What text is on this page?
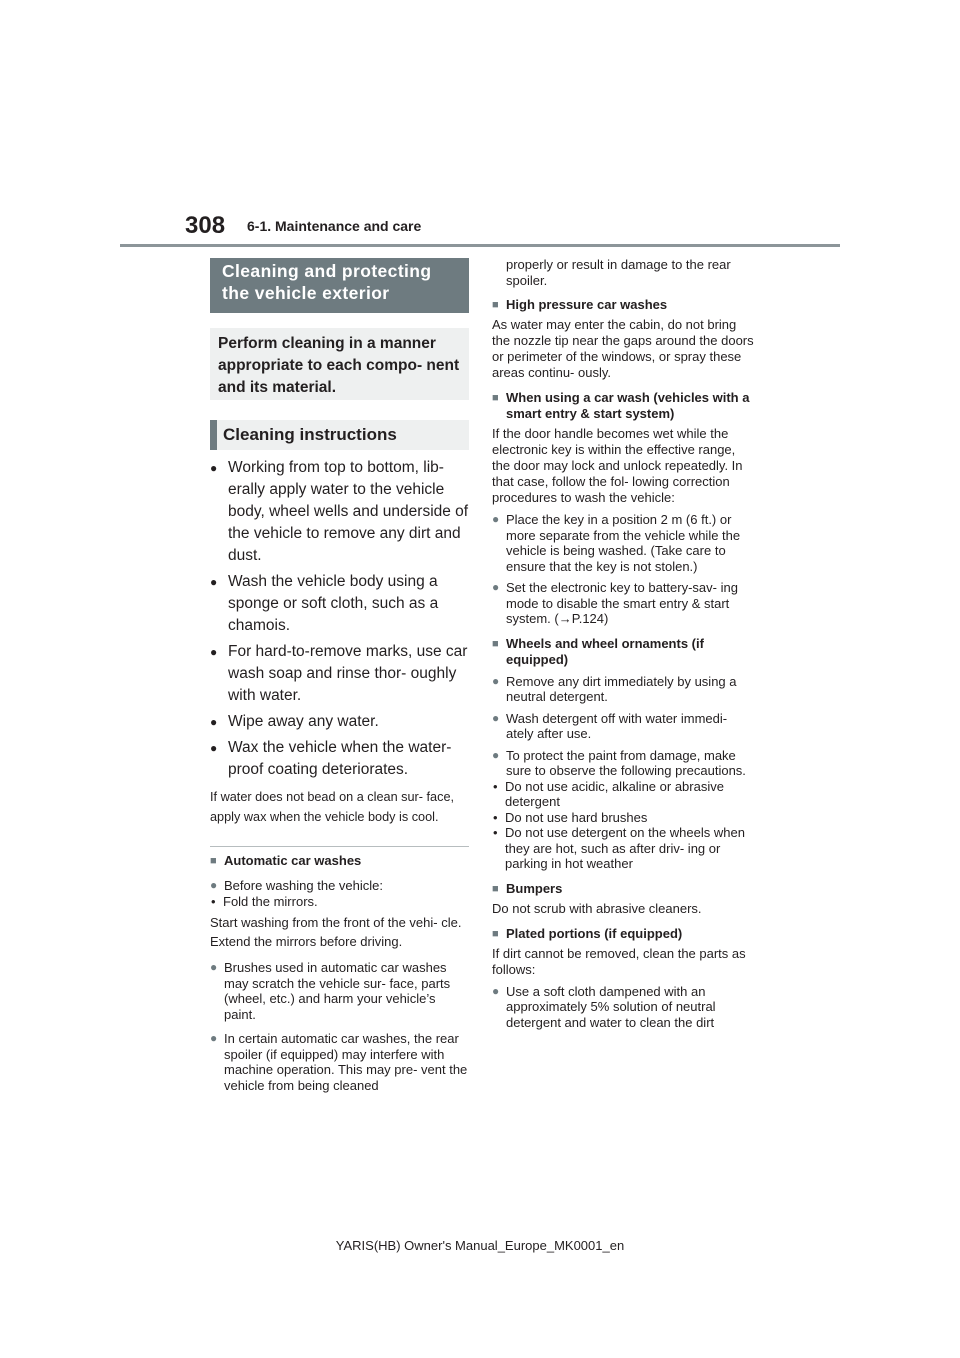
308 6-1. Maintenance and care
Cleaning and protecting the vehicle exterior
Perform cleaning in a manner appropriate to each compo- nent and its material.
Cleaning instructions
● Working from top to bottom, lib- erally apply water to the vehicle body, wheel wells and underside of the vehicle to remove any dirt and dust.
● Wash the vehicle body using a sponge or soft cloth, such as a chamois.
● For hard-to-remove marks, use car wash soap and rinse thor- oughly with water.
● Wipe away any water.
● Wax the vehicle when the water- proof coating deteriorates.
If water does not bead on a clean sur- face, apply wax when the vehicle body is cool.
■ Automatic car washes
● Before washing the vehicle:
• Fold the mirrors.
Start washing from the front of the vehi- cle. Extend the mirrors before driving.
● Brushes used in automatic car washes may scratch the vehicle sur- face, parts (wheel, etc.) and harm your vehicle’s paint.
● In certain automatic car washes, the rear spoiler (if equipped) may interfere with machine operation. This may pre- vent the vehicle from being cleaned
properly or result in damage to the rear spoiler.
■ High pressure car washes
As water may enter the cabin, do not bring the nozzle tip near the gaps around the doors or perimeter of the windows, or spray these areas continu- ously.
■ When using a car wash (vehicles with a smart entry & start system)
If the door handle becomes wet while the electronic key is within the effective range, the door may lock and unlock repeatedly. In that case, follow the fol- lowing correction procedures to wash the vehicle:
● Place the key in a position 2 m (6 ft.) or more separate from the vehicle while the vehicle is being washed. (Take care to ensure that the key is not stolen.)
● Set the electronic key to battery-sav- ing mode to disable the smart entry & start system. (→P.124)
■ Wheels and wheel ornaments (if equipped)
● Remove any dirt immediately by using a neutral detergent.
● Wash detergent off with water immedi- ately after use.
● To protect the paint from damage, make sure to observe the following precautions.
• Do not use acidic, alkaline or abrasive detergent
• Do not use hard brushes
• Do not use detergent on the wheels when they are hot, such as after driv- ing or parking in hot weather
■ Bumpers
Do not scrub with abrasive cleaners.
■ Plated portions (if equipped)
If dirt cannot be removed, clean the parts as follows:
● Use a soft cloth dampened with an approximately 5% solution of neutral detergent and water to clean the dirt
YARIS(HB) Owner's Manual_Europe_MK0001_en
